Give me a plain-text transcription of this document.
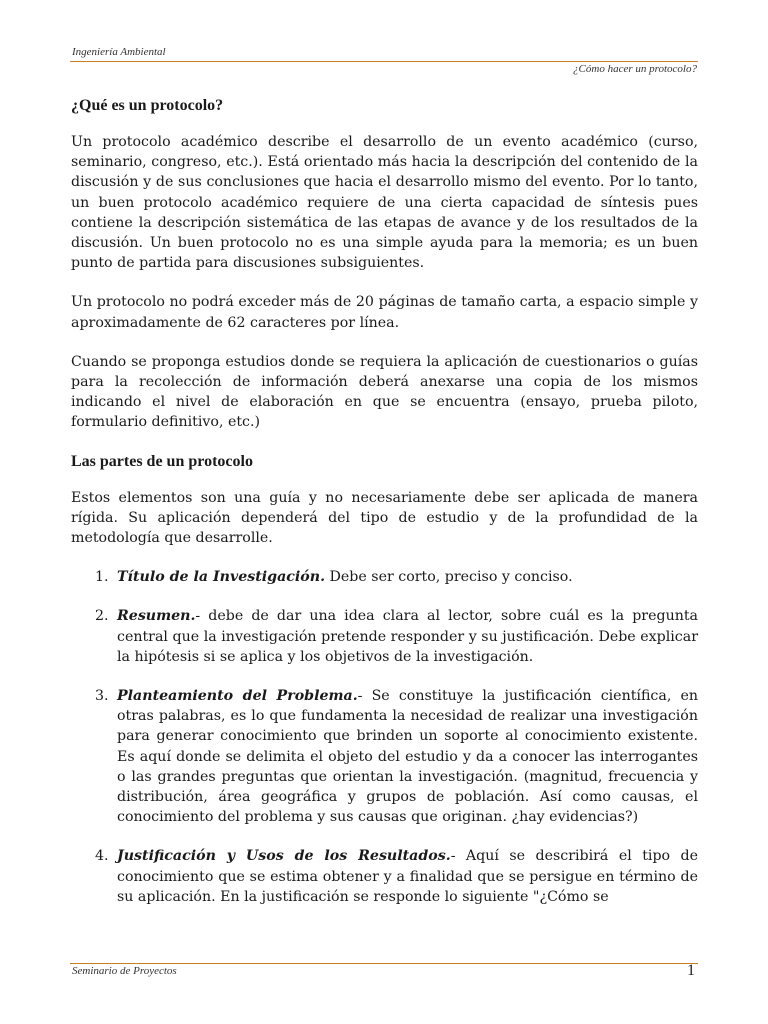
Ingeniería Ambiental
¿Cómo hacer un protocolo?
¿Qué es un protocolo?

Un protocolo académico describe el desarrollo de un evento académico (curso, seminario, congreso, etc.). Está orientado más hacia la descripción del contenido de la discusión y de sus conclusiones que hacia el desarrollo mismo del evento. Por lo tanto, un buen protocolo académico requiere de una cierta capacidad de síntesis pues contiene la descripción sistemática de las etapas de avance y de los resultados de la discusión. Un buen protocolo no es una simple ayuda para la memoria; es un buen punto de partida para discusiones subsiguientes.

Un protocolo no podrá exceder más de 20 páginas de tamaño carta, a espacio simple y aproximadamente de 62 caracteres por línea.

Cuando se proponga estudios donde se requiera la aplicación de cuestionarios o guías para la recolección de información deberá anexarse una copia de los mismos indicando el nivel de elaboración en que se encuentra (ensayo, prueba piloto, formulario definitivo, etc.)

Las partes de un protocolo

Estos elementos son una guía y no necesariamente debe ser aplicada de manera rígida. Su aplicación dependerá del tipo de estudio y de la profundidad de la metodología que desarrolle.

1. Título de la Investigación. Debe ser corto, preciso y conciso.
2. Resumen.- debe de dar una idea clara al lector, sobre cuál es la pregunta central que la investigación pretende responder y su justificación. Debe explicar la hipótesis si se aplica y los objetivos de la investigación.
3. Planteamiento del Problema.- Se constituye la justificación científica, en otras palabras, es lo que fundamenta la necesidad de realizar una investigación para generar conocimiento que brinden un soporte al conocimiento existente. Es aquí donde se delimita el objeto del estudio y da a conocer las interrogantes o las grandes preguntas que orientan la investigación. (magnitud, frecuencia y distribución, área geográfica y grupos de población. Así como causas, el conocimiento del problema y sus causas que originan. ¿hay evidencias?)
4. Justificación y Usos de los Resultados.- Aquí se describirá el tipo de conocimiento que se estima obtener y a finalidad que se persigue en término de su aplicación. En la justificación se responde lo siguiente "¿Cómo se
Seminario de Proyectos	1
